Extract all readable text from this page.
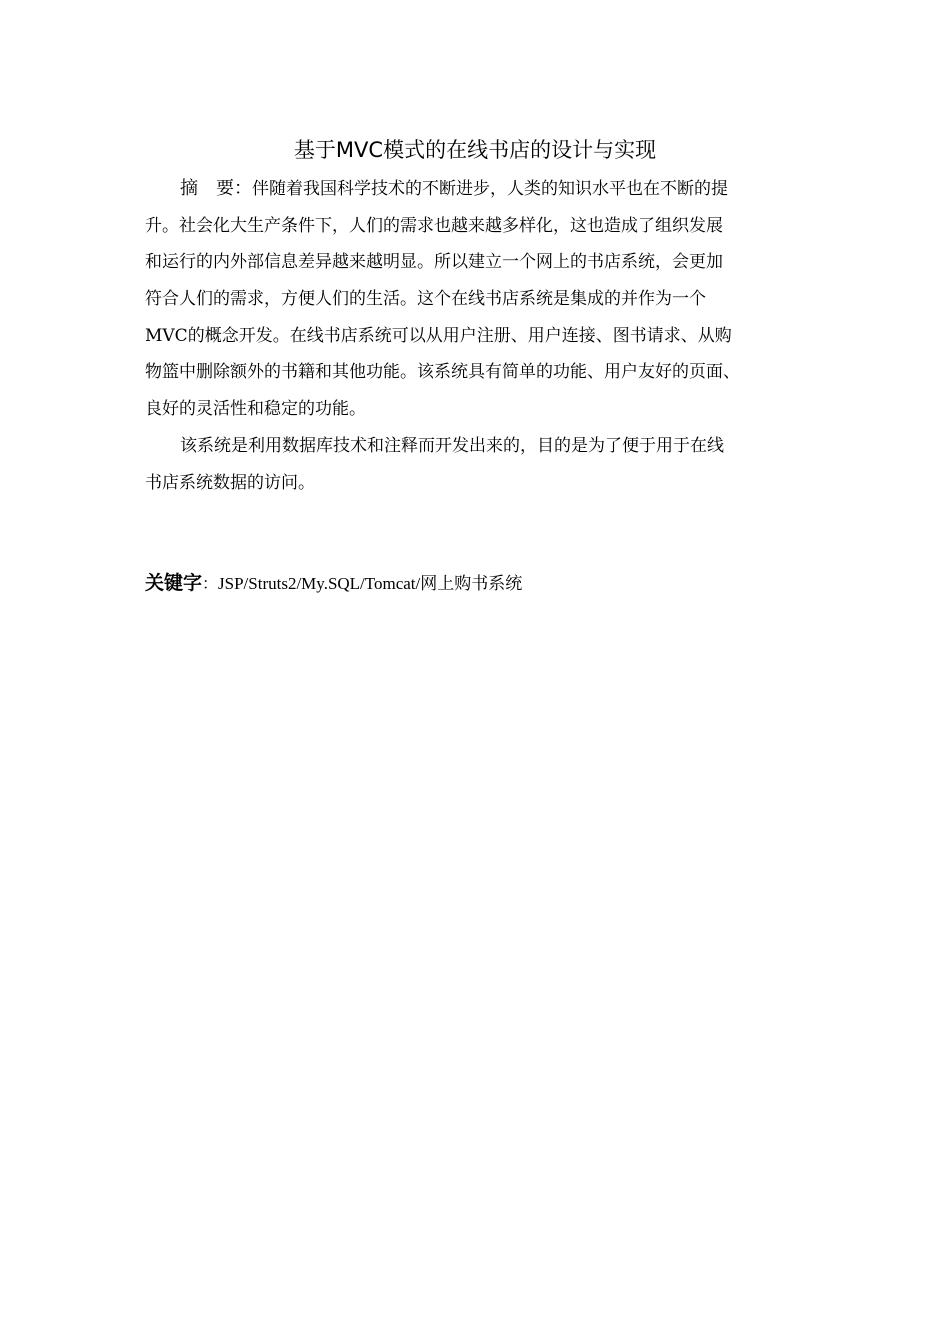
基于MVC模式的在线书店的设计与实现
摘　要：伴随着我国科学技术的不断进步，人类的知识水平也在不断的提
升。社会化大生产条件下，人们的需求也越来越多样化，这也造成了组织发展
和运行的内外部信息差异越来越明显。所以建立一个网上的书店系统，会更加
符合人们的需求，方便人们的生活。这个在线书店系统是集成的并作为一个
MVC的概念开发。在线书店系统可以从用户注册、用户连接、图书请求、从购
物篮中删除额外的书籍和其他功能。该系统具有简单的功能、用户友好的页面、
良好的灵活性和稳定的功能。
该系统是利用数据库技术和注释而开发出来的，目的是为了便于用于在线
书店系统数据的访问。
关键字：JSP/Struts2/My.SQL/Tomcat/网上购书系统
